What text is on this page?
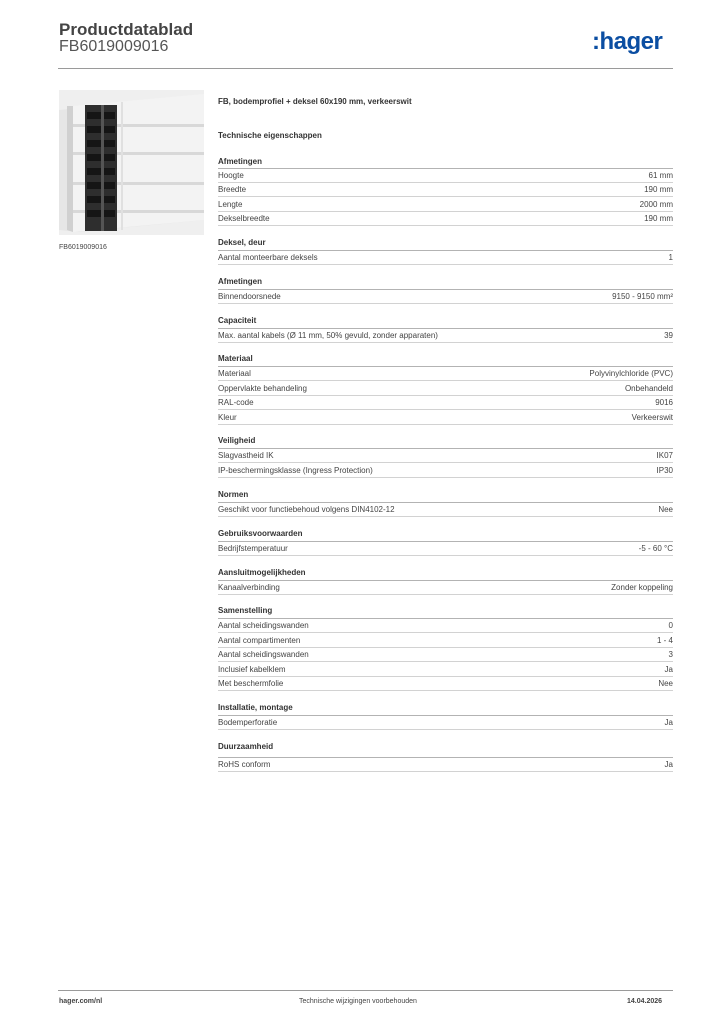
Productdatablad
FB6019009016	:hager
FB6019009016
FB, bodemprofiel + deksel 60x190 mm, verkeerswit
Technische eigenschappen
Afmetingen
Hoogte	61 mm
Breedte	190 mm
Lengte	2000 mm
Dekselbreedte	190 mm
Deksel, deur
Aantal monteerbare deksels	1
Afmetingen
Binnendoorsnede	9150 - 9150 mm²
Capaciteit
Max. aantal kabels (Ø 11 mm, 50% gevuld, zonder apparaten)	39
Materiaal
Materiaal	Polyvinylchloride (PVC)
Oppervlakte behandeling	Onbehandeld
RAL-code	9016
Kleur	Verkeerswit
Veiligheid
Slagvastheid IK	IK07
IP-beschermingsklasse (Ingress Protection)	IP30
Normen
Geschikt voor functiebehoud volgens DIN4102-12	Nee
Gebruiksvoorwaarden
Bedrijfstemperatuur	-5 - 60 °C
Aansluitmogelijkheden
Kanaalverbinding	Zonder koppeling
Samenstelling
Aantal scheidingswanden	0
Aantal compartimenten	1 - 4
Aantal scheidingswanden	3
Inclusief kabelklem	Ja
Met beschermfolie	Nee
Installatie, montage
Bodemperforatie	Ja
Duurzaamheid
RoHS conform	Ja
hager.com/nl	Technische wijzigingen voorbehouden	14.04.2026
